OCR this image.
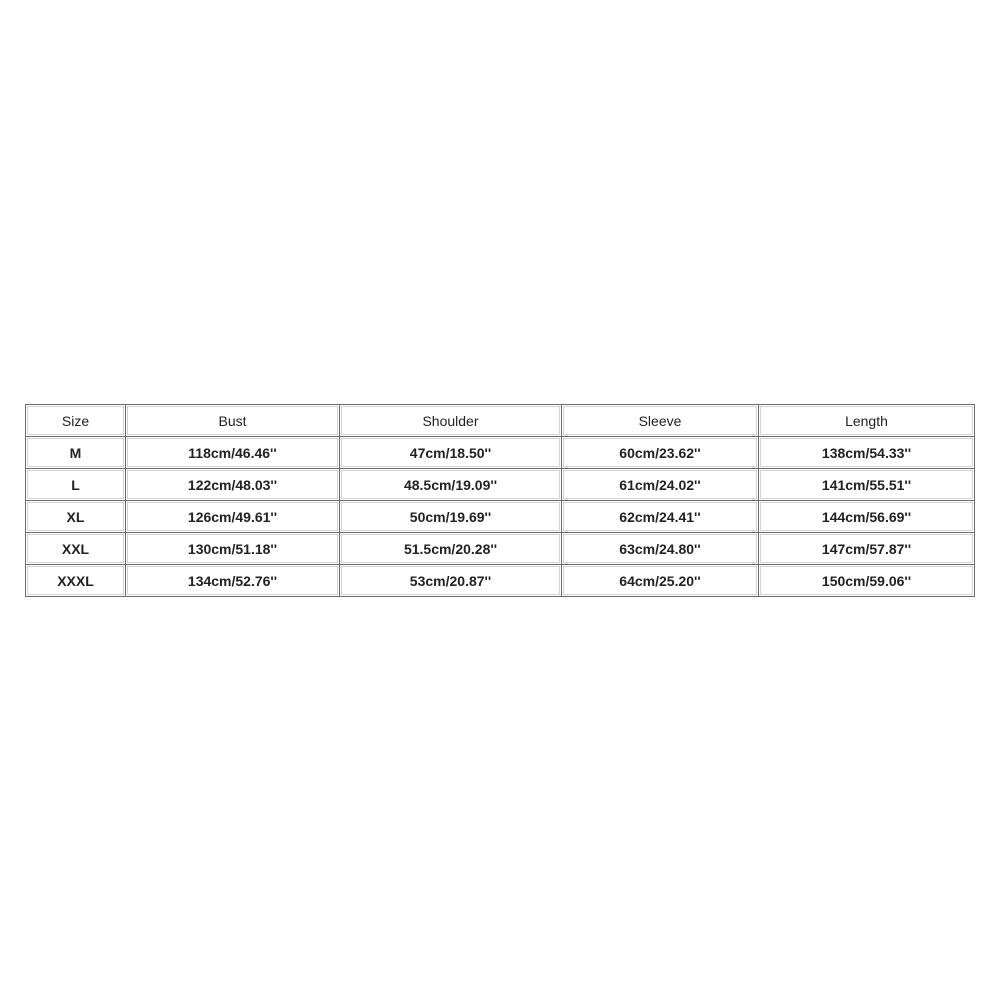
Size	Bust	Shoulder	Sleeve	Length
M	118cm/46.46''	47cm/18.50''	60cm/23.62''	138cm/54.33''
L	122cm/48.03''	48.5cm/19.09''	61cm/24.02''	141cm/55.51''
XL	126cm/49.61''	50cm/19.69''	62cm/24.41''	144cm/56.69''
XXL	130cm/51.18''	51.5cm/20.28''	63cm/24.80''	147cm/57.87''
XXXL	134cm/52.76''	53cm/20.87''	64cm/25.20''	150cm/59.06''
